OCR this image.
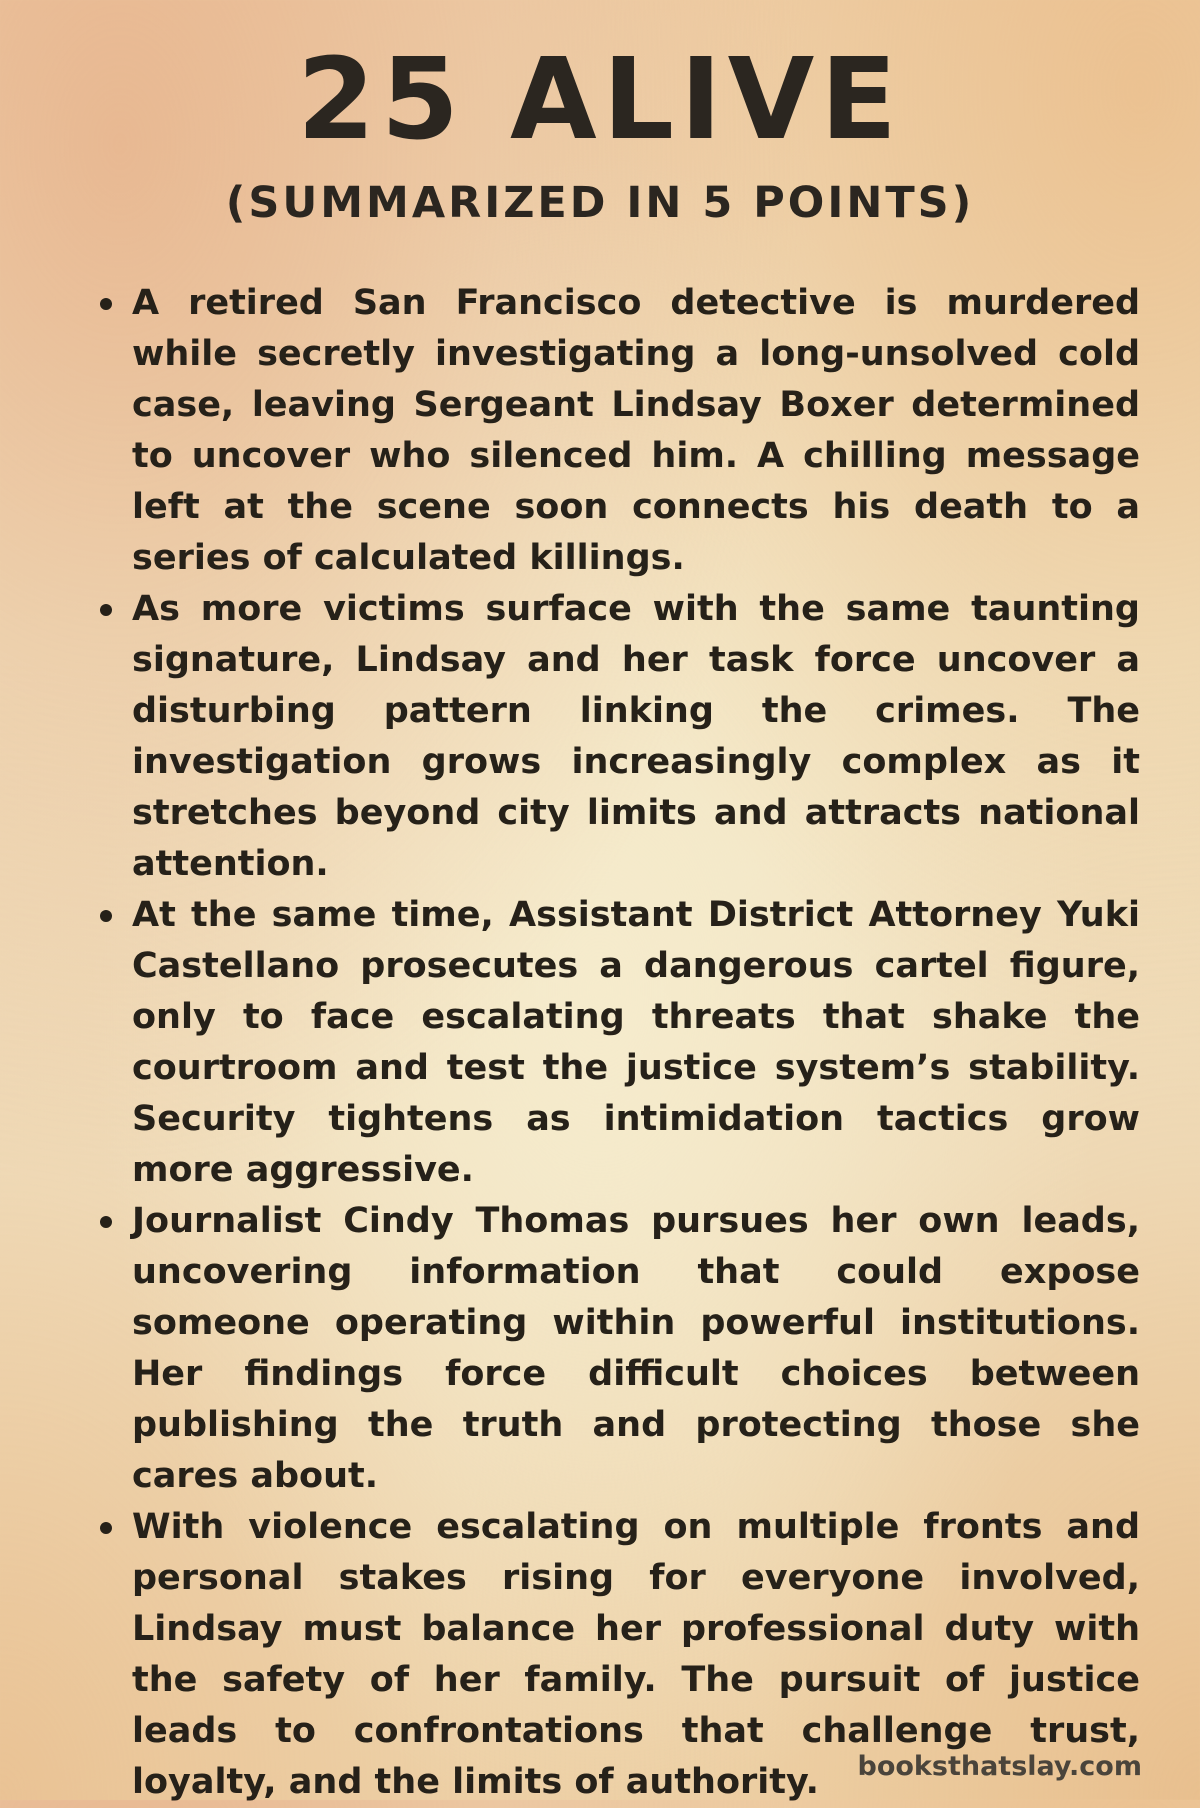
25 ALIVE
(SUMMARIZED IN 5 POINTS)
A retired San Francisco detective is murdered while secretly investigating a long-unsolved cold case, leaving Sergeant Lindsay Boxer determined to uncover who silenced him. A chilling message left at the scene soon connects his death to a series of calculated killings.
As more victims surface with the same taunting signature, Lindsay and her task force uncover a disturbing pattern linking the crimes. The investigation grows increasingly complex as it stretches beyond city limits and attracts national attention.
At the same time, Assistant District Attorney Yuki Castellano prosecutes a dangerous cartel figure, only to face escalating threats that shake the courtroom and test the justice system’s stability. Security tightens as intimidation tactics grow more aggressive.
Journalist Cindy Thomas pursues her own leads, uncovering information that could expose someone operating within powerful institutions. Her findings force difficult choices between publishing the truth and protecting those she cares about.
With violence escalating on multiple fronts and personal stakes rising for everyone involved, Lindsay must balance her professional duty with the safety of her family. The pursuit of justice leads to confrontations that challenge trust, loyalty, and the limits of authority.	booksthatslay.com
